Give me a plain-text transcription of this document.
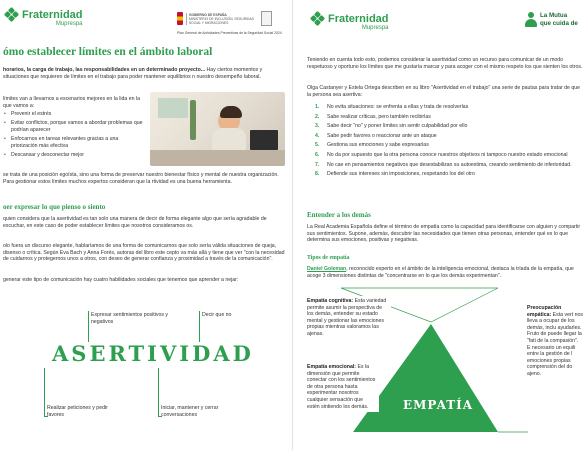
Fraternidad
Muprespa
GOBIERNO DE ESPAÑA
MINISTERIO DE INCLUSIÓN, SEGURIDAD SOCIAL Y MIGRACIONES
Plan General de Actividades Preventivas de la Seguridad Social 2024
ómo establecer límites en el ámbito laboral
horarios, la carga de trabajo, las responsabilidades en un determinado proyecto... Hay ciertos momentos y situaciones que requieren de límites en el trabajo para poder mantener equilibrios n nuestro desempeño laboral.
límites van a llevarnos a escenarios mejores en la lida en la que vamos a:
• Prevenir el estrés
• Evitar conflictos, porque vamos a abordar problemas que podrían aparecer
• Enfocarnos en tareas relevantes gracias a una priorización más efectiva
• Descansar y desconectar mejor
se trata de una posición egoísta, sino una forma de preservar nuestro bienestar físico y mental de nuestra organización. Para gestionar estos límites muchos expertos consideran que la rtividad es una buena herramienta.
oer expresar lo que pienso o siento
quien considera que la asertividad es tan solo una manera de decir de forma elegante algo que sería agradable de escuchar, en este caso de poder establecer límites que nosotros consideramos os.
olo fuera un discurso elegante, hablaríamos de una forma de comunicarnos que solo sería válida situaciones de queja, disenso o crítica. Según Eva Bach y Anna Forés, autoras del libro este cepto va más allá y tiene que ver "con la necesidad de cuidarnos y protegernos unos a otros, con deseo de generar confianza y proximidad a través de la comunicación".
generar este tipo de comunicación hay cuatro habilidades sociales que tenemos que aprender a nejar:
ASERTIVIDAD
Expresar sentimientos positivos y negativos
Decir que no
Realizar peticiones y pedir favores
Iniciar, mantener y cerrar conversaciones
Fraternidad
Muprespa
La Mutua
que cuida de
Teniendo en cuenta todo esto, podemos considerar la asertividad como un recurso para comunicar de un modo respetuoso y oportuno los límites que me gustaría marcar y para acoger con el mismo respeto los que sienten los otros.
Olga Castanyer y Estela Ortega describen en su libro "Asertividad en el trabajo" una serie de pautas para tratar de que la persona sea asertiva:
1. No evita situaciones: se enfrenta a ellas y trata de resolverlas
2. Sabe realizar críticas, pero también recibirlas
3. Sabe decir "no" y poner límites sin sentir culpabilidad por ello
4. Sabe pedir favores o reaccionar ante un ataque
5. Gestiona sus emociones y sabe expresarlas
6. No da por supuesto que la otra persona conoce nuestros objetivos ni tampoco nuestro estado emocional
7. No cae en pensamientos negativos que desestabilizan su autoestima, creando sentimiento de inferioridad.
8. Defiende sus intereses sin imposiciones, respetando los del otro
Entender a los demás
La Real Academia Española define el término de empatía como la capacidad para identificarse con alguien y compartir sus sentimientos. Supone, además, descubrir las necesidades que tienen otras personas, entender qué es lo que determina sus emociones, positivas y negativas.
Tipos de empatía
Daniel Goleman, reconocido experto en el ámbito de la inteligencia emocional, destaca la tríada de la empatía, que acoge 3 dimensiones distintas de "concentrarse en lo que los demás experimentan".
EMPATÍA
Empatía cognitiva: Esta variedad permite asumir la perspectiva de los demás, entender su estado mental y gestionar las emociones propias mientras valoramos las ajenas.
Empatía emocional: Es la dimensión que permite conectar con los sentimientos de otra persona hasta experimentar nosotros cualquier sensación que estén sintiendo los demás.
Preocupación empática: Esta vert nos lleva a ocupar de los demás, inclu ayudarles. Fruto de puede llegar la "fati de la compasión". E necesario un equili entre la gestión de l emociones propias comprensión del do ajeno.
